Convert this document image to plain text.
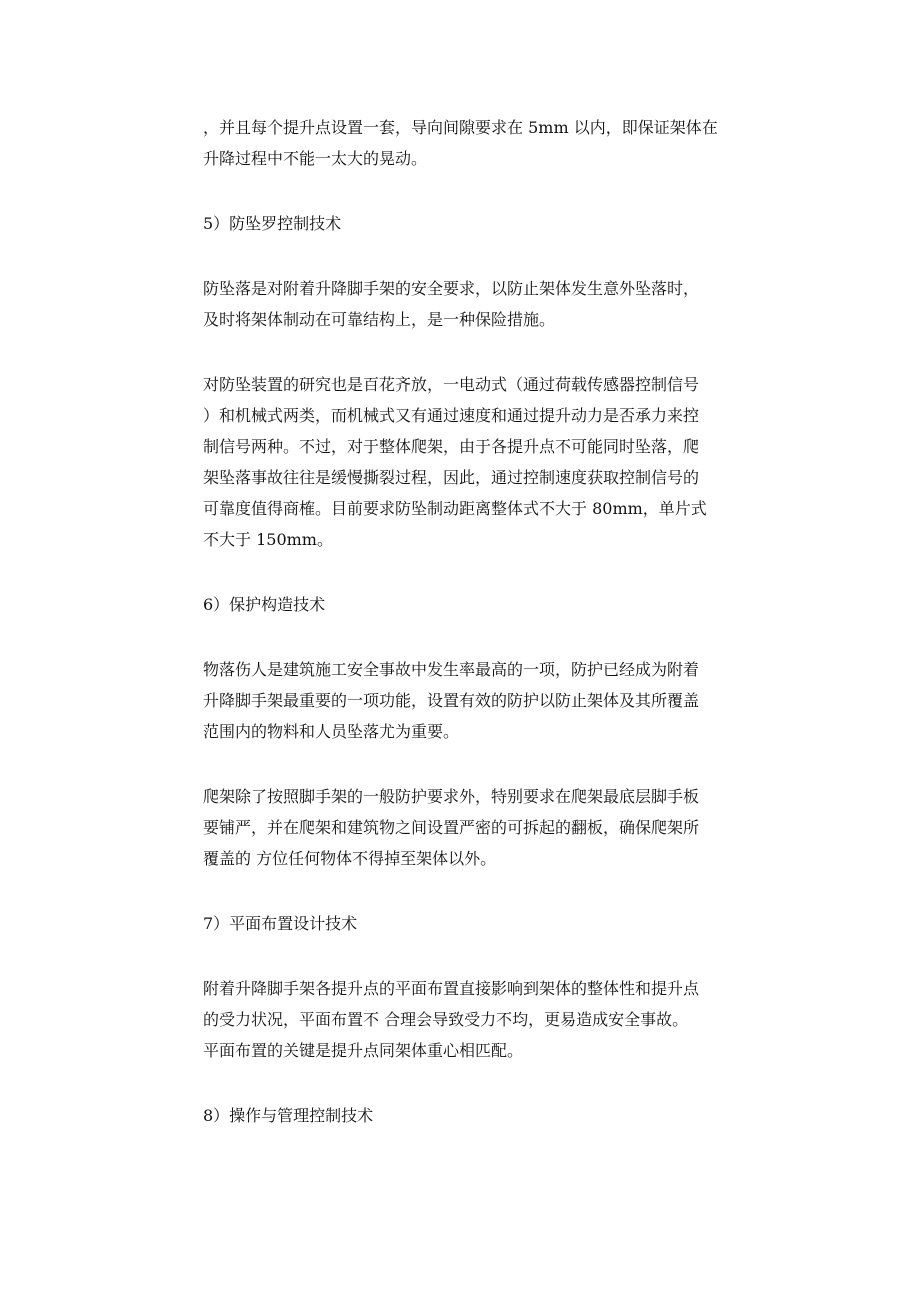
，并且每个提升点设置一套，导向间隙要求在 5mm 以内，即保证架体在
升降过程中不能一太大的晃动。

5）防坠罗控制技术

防坠落是对附着升降脚手架的安全要求，以防止架体发生意外坠落时，
及时将架体制动在可靠结构上，是一种保险措施。

对防坠装置的研究也是百花齐放，一电动式（通过荷载传感器控制信号
）和机械式两类，而机械式又有通过速度和通过提升动力是否承力来控
制信号两种。不过，对于整体爬架，由于各提升点不可能同时坠落，爬
架坠落事故往往是缓慢撕裂过程，因此，通过控制速度获取控制信号的
可靠度值得商榷。目前要求防坠制动距离整体式不大于 80mm，单片式
不大于 150mm。

6）保护构造技术

物落伤人是建筑施工安全事故中发生率最高的一项，防护已经成为附着
升降脚手架最重要的一项功能，设置有效的防护以防止架体及其所覆盖
范围内的物料和人员坠落尤为重要。

爬架除了按照脚手架的一般防护要求外，特别要求在爬架最底层脚手板
要铺严，并在爬架和建筑物之间设置严密的可拆起的翻板，确保爬架所
覆盖的 方位任何物体不得掉至架体以外。

7）平面布置设计技术

附着升降脚手架各提升点的平面布置直接影响到架体的整体性和提升点
的受力状况，平面布置不 合理会导致受力不均，更易造成安全事故。
平面布置的关键是提升点同架体重心相匹配。

8）操作与管理控制技术
